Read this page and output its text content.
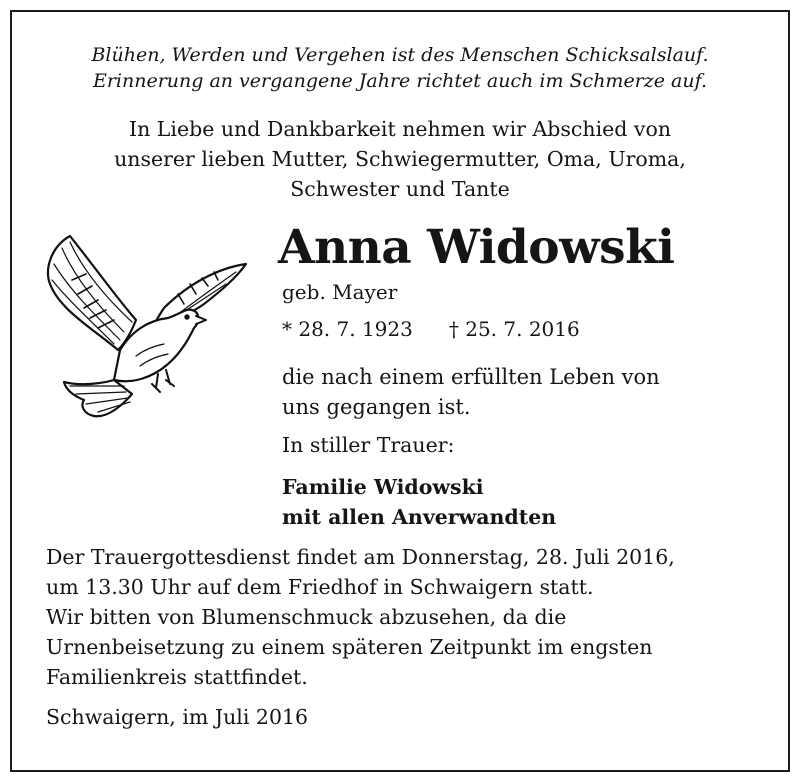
Blühen, Werden und Vergehen ist des Menschen Schicksalslauf.
Erinnerung an vergangene Jahre richtet auch im Schmerze auf.
In Liebe und Dankbarkeit nehmen wir Abschied von
unserer lieben Mutter, Schwiegermutter, Oma, Uroma,
Schwester und Tante
Anna Widowski
geb. Mayer
* 28. 7. 1923 † 25. 7. 2016
die nach einem erfüllten Leben von
uns gegangen ist.
In stiller Trauer:
Familie Widowski
mit allen Anverwandten
Der Trauergottesdienst findet am Donnerstag, 28. Juli 2016,
um 13.30 Uhr auf dem Friedhof in Schwaigern statt.
Wir bitten von Blumenschmuck abzusehen, da die
Urnenbeisetzung zu einem späteren Zeitpunkt im engsten
Familienkreis stattfindet.
Schwaigern, im Juli 2016
